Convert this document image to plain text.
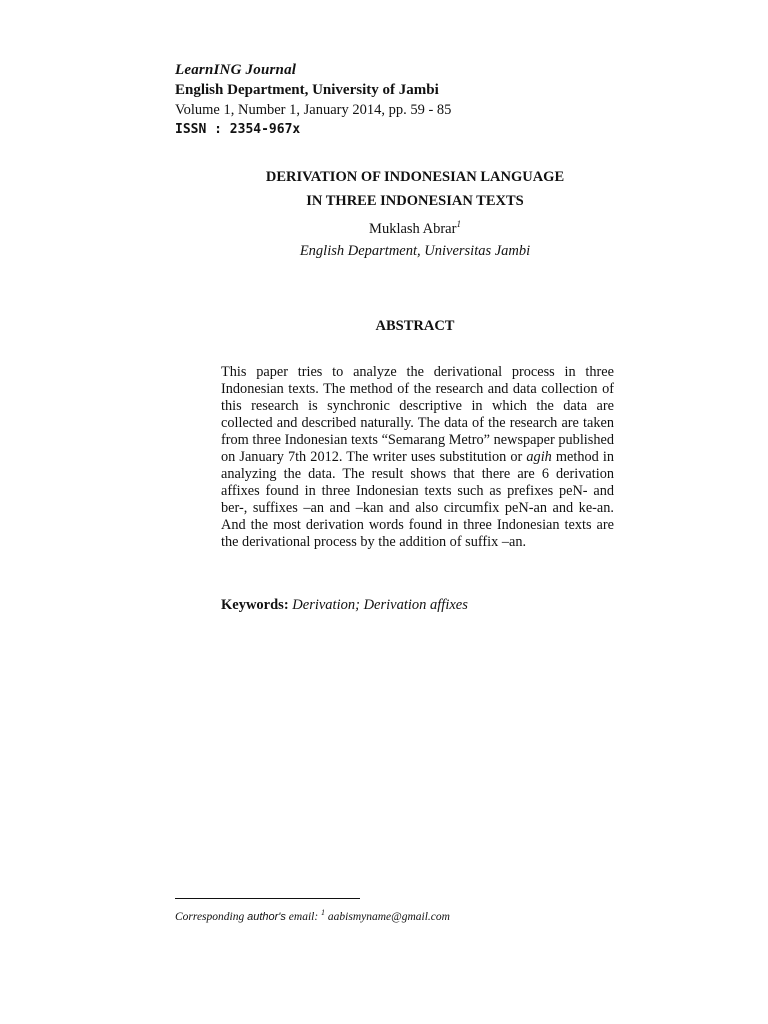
LearnING Journal
English Department, University of Jambi
Volume 1, Number 1, January 2014, pp. 59 - 85
ISSN : 2354-967x
DERIVATION OF INDONESIAN LANGUAGE
IN THREE INDONESIAN TEXTS
Muklash Abrar$^1$
English Department, Universitas Jambi
ABSTRACT
This paper tries to analyze the derivational process in three Indonesian texts. The method of the research and data collection of this research is synchronic descriptive in which the data are collected and described naturally. The data of the research are taken from three Indonesian texts “Semarang Metro” newspaper published on January 7th 2012. The writer uses substitution or agih method in analyzing the data. The result shows that there are 6 derivation affixes found in three Indonesian texts such as prefixes peN- and ber-, suffixes –an and –kan and also circumfix peN-an and ke-an. And the most derivation words found in three Indonesian texts are the derivational process by the addition of suffix –an.
Keywords: Derivation; Derivation affixes
Corresponding author's email: $^1$ aabismyname@gmail.com
